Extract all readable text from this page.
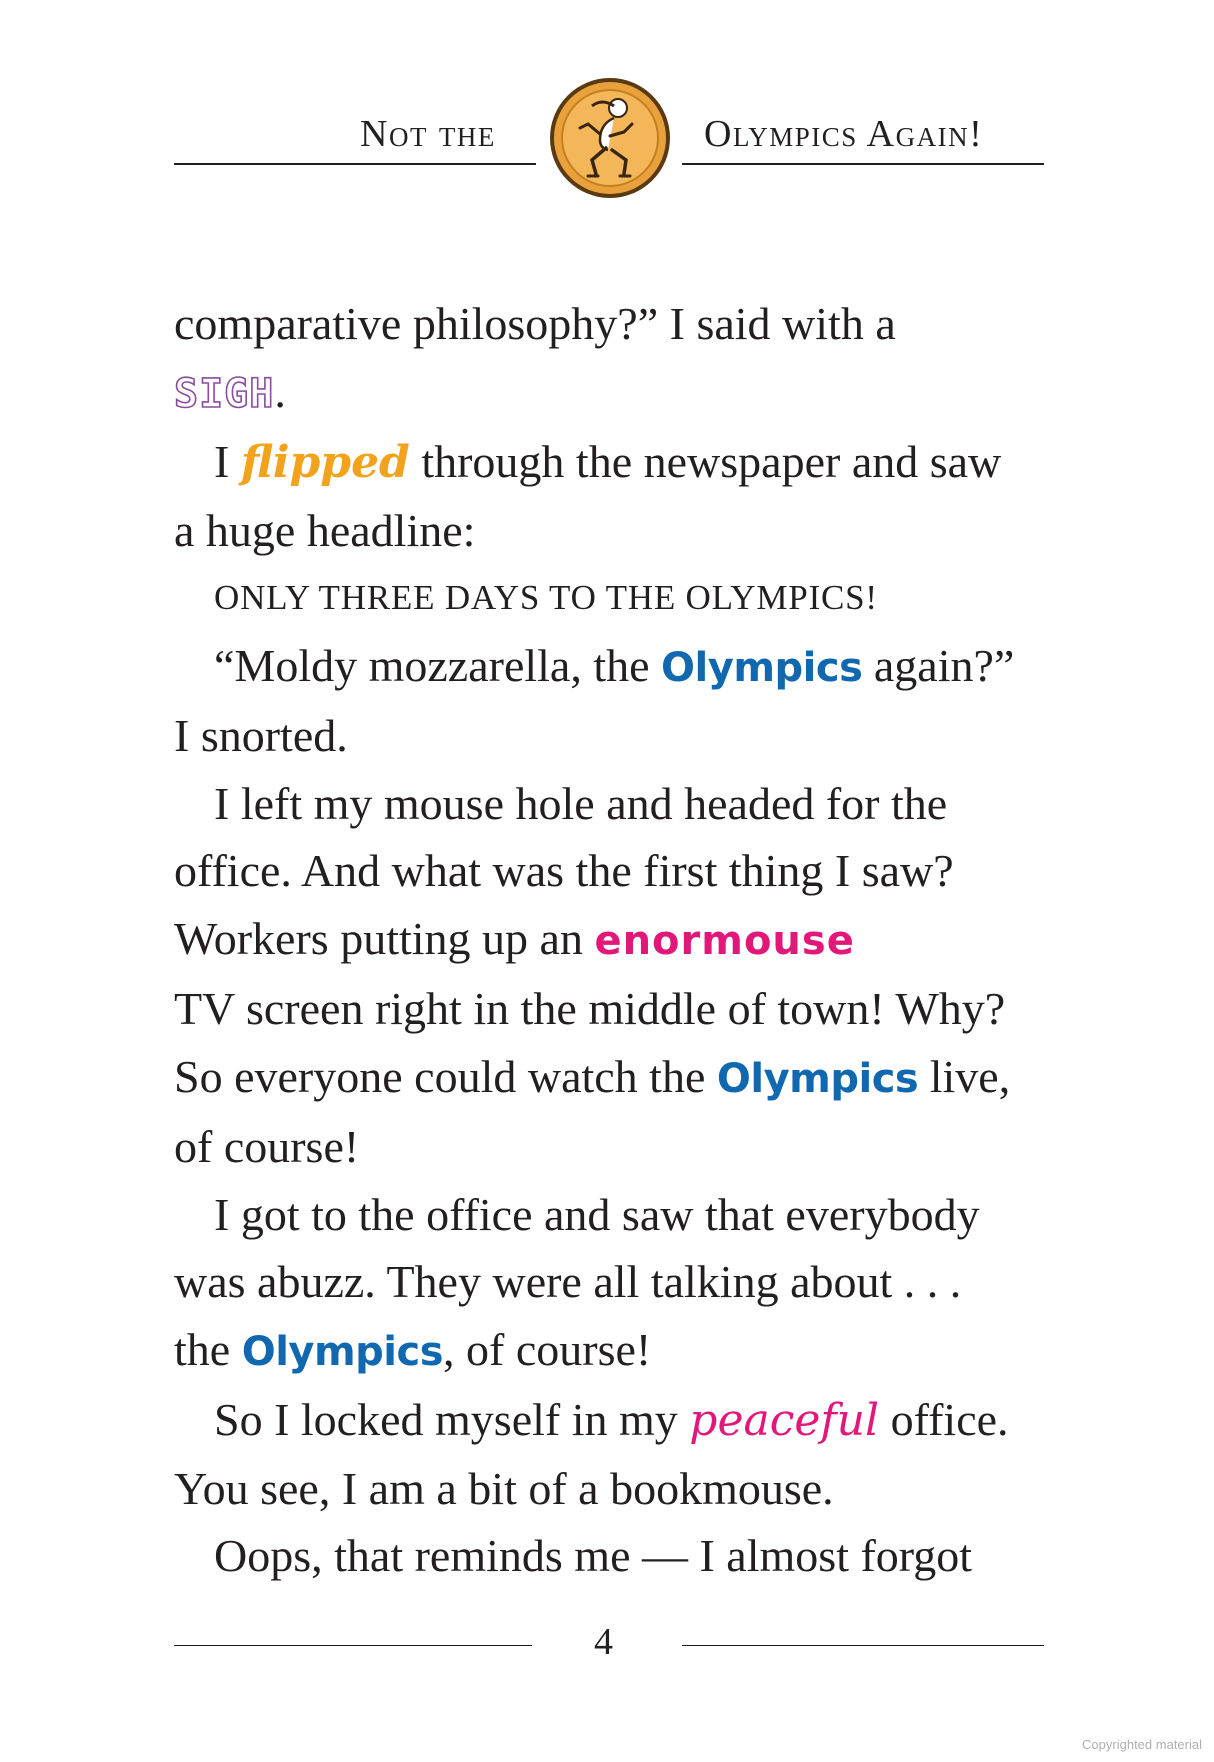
Not the	Olympics Again!

comparative philosophy?” I said with a

SIGH.

I flipped through the newspaper and saw
a huge headline:

ONLY THREE DAYS TO THE OLYMPICS!

“Moldy mozzarella, the Olympics again?”
I snorted.

I left my mouse hole and headed for the
office. And what was the first thing I saw?
Workers putting up an enormouse
TV screen right in the middle of town! Why?
So everyone could watch the Olympics live,
of course!

I got to the office and saw that everybody
was abuzz. They were all talking about . . .
the Olympics, of course!

So I locked myself in my peaceful office.
You see, I am a bit of a bookmouse.

Oops, that reminds me — I almost forgot

4
Copyrighted material
